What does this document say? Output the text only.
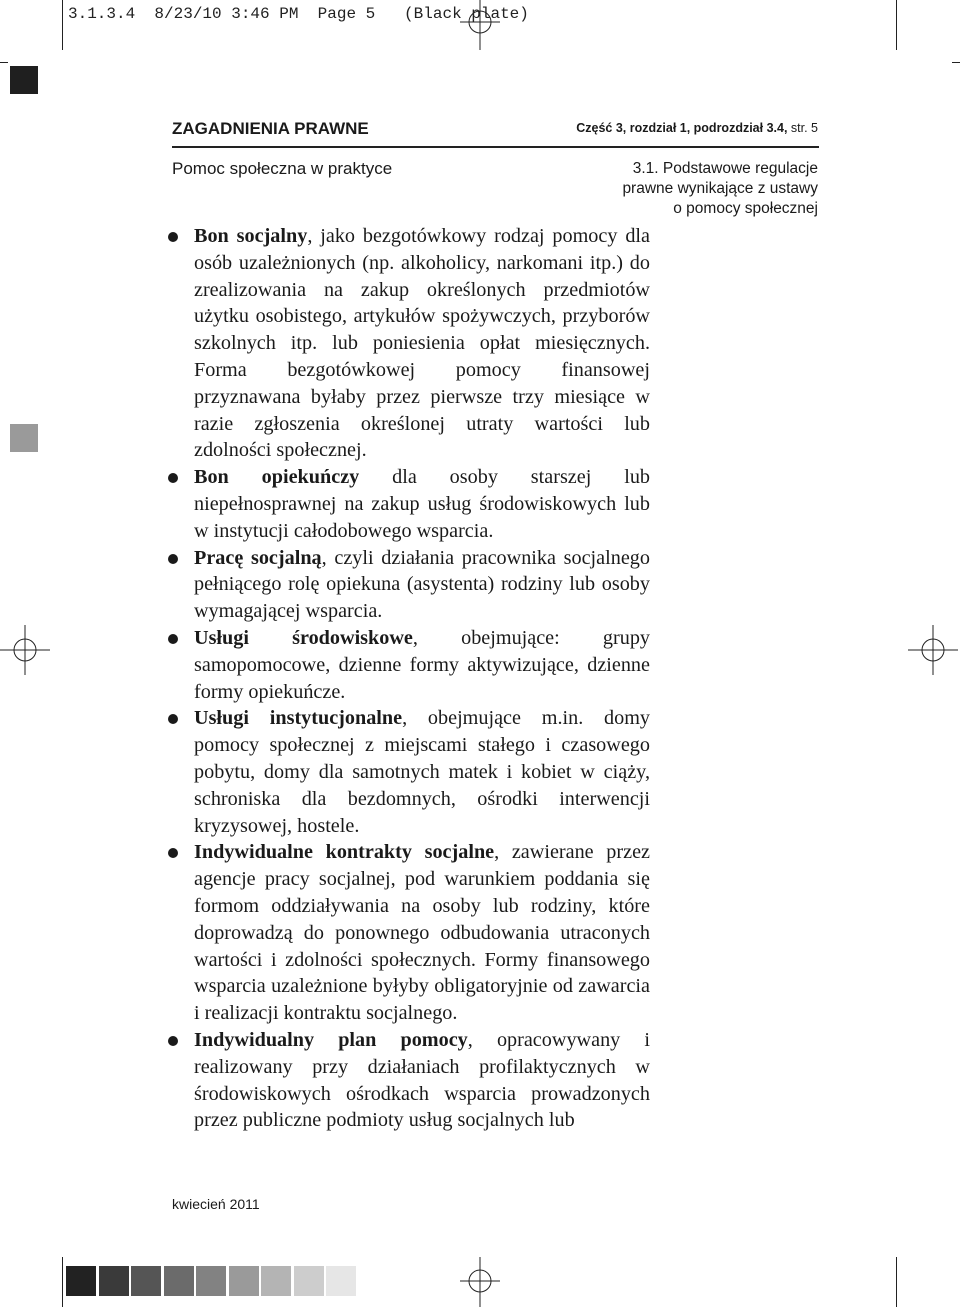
3.1.3.4  8/23/10 3:46 PM  Page 5   (Black plate)
ZAGADNIENIA PRAWNE	Część 3, rozdział 1, podrozdział 3.4, str. 5
Pomoc społeczna w praktyce	3.1. Podstawowe regulacje
prawne wynikające z ustawy
o pomocy społecznej

Bon socjalny, jako bezgotówkowy rodzaj pomocy dla osób uzależnionych (np. alkoholicy, narkomani itp.) do zrealizowania na zakup określonych przedmiotów użytku osobistego, artykułów spożywczych, przyborów szkolnych itp. lub poniesienia opłat miesięcznych. Forma bezgotówkowej pomocy finansowej przyznawana byłaby przez pierwsze trzy miesiące w razie zgłoszenia określonej utraty wartości lub zdolności społecznej.

Bon opiekuńczy dla osoby starszej lub niepełnosprawnej na zakup usług środowiskowych lub w instytucji całodobowego wsparcia.

Pracę socjalną, czyli działania pracownika socjalnego pełniącego rolę opiekuna (asystenta) rodziny lub osoby wymagającej wsparcia.

Usługi środowiskowe, obejmujące: grupy samopomocowe, dzienne formy aktywizujące, dzienne formy opiekuńcze.

Usługi instytucjonalne, obejmujące m.in. domy pomocy społecznej z miejscami stałego i czasowego pobytu, domy dla samotnych matek i kobiet w ciąży, schroniska dla bezdomnych, ośrodki interwencji kryzysowej, hostele.

Indywidualne kontrakty socjalne, zawierane przez agencje pracy socjalnej, pod warunkiem poddania się formom oddziaływania na osoby lub rodziny, które doprowadzą do ponownego odbudowania utraconych wartości i zdolności społecznych. Formy finansowego wsparcia uzależnione byłyby obligatoryjnie od zawarcia i realizacji kontraktu socjalnego.

Indywidualny plan pomocy, opracowywany i realizowany przy działaniach profilaktycznych w środowiskowych ośrodkach wsparcia prowadzonych przez publiczne podmioty usług socjalnych lub

kwiecień 2011
